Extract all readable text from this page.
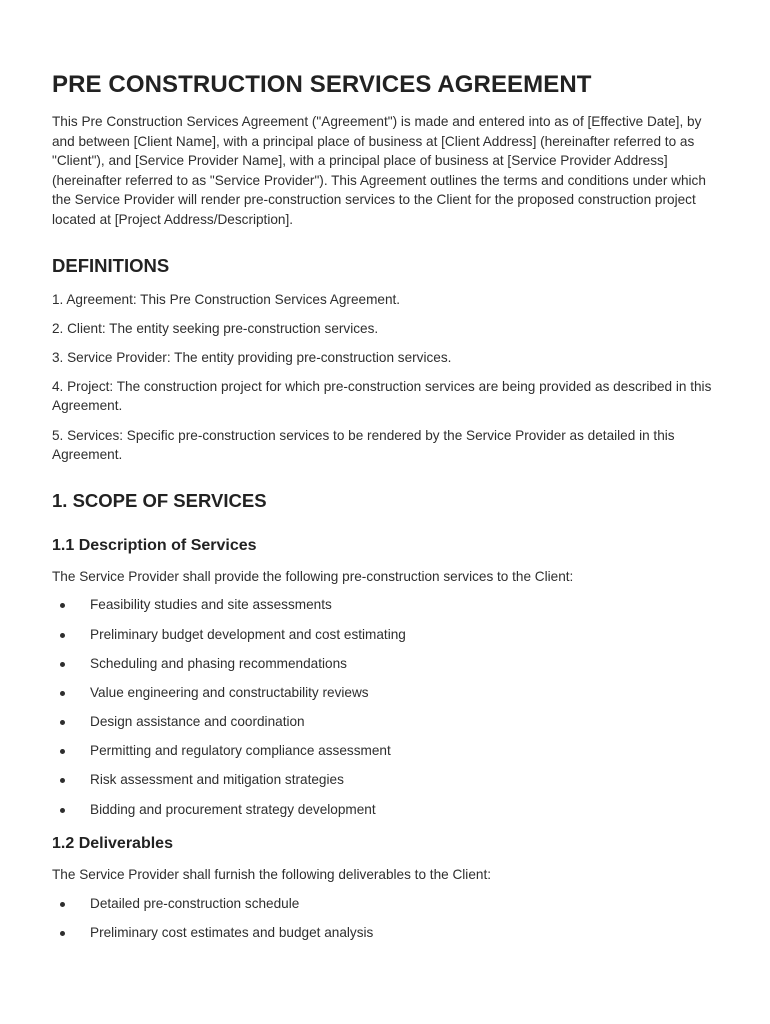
PRE CONSTRUCTION SERVICES AGREEMENT

This Pre Construction Services Agreement ("Agreement") is made and entered into as of [Effective Date], by and between [Client Name], with a principal place of business at [Client Address] (hereinafter referred to as "Client"), and [Service Provider Name], with a principal place of business at [Service Provider Address] (hereinafter referred to as "Service Provider"). This Agreement outlines the terms and conditions under which the Service Provider will render pre-construction services to the Client for the proposed construction project located at [Project Address/Description].

DEFINITIONS

1. Agreement: This Pre Construction Services Agreement.

2. Client: The entity seeking pre-construction services.

3. Service Provider: The entity providing pre-construction services.

4. Project: The construction project for which pre-construction services are being provided as described in this Agreement.

5. Services: Specific pre-construction services to be rendered by the Service Provider as detailed in this Agreement.

1. SCOPE OF SERVICES
1.1 Description of Services

The Service Provider shall provide the following pre-construction services to the Client:

Feasibility studies and site assessments
Preliminary budget development and cost estimating
Scheduling and phasing recommendations
Value engineering and constructability reviews
Design assistance and coordination
Permitting and regulatory compliance assessment
Risk assessment and mitigation strategies
Bidding and procurement strategy development
1.2 Deliverables

The Service Provider shall furnish the following deliverables to the Client:

Detailed pre-construction schedule
Preliminary cost estimates and budget analysis
